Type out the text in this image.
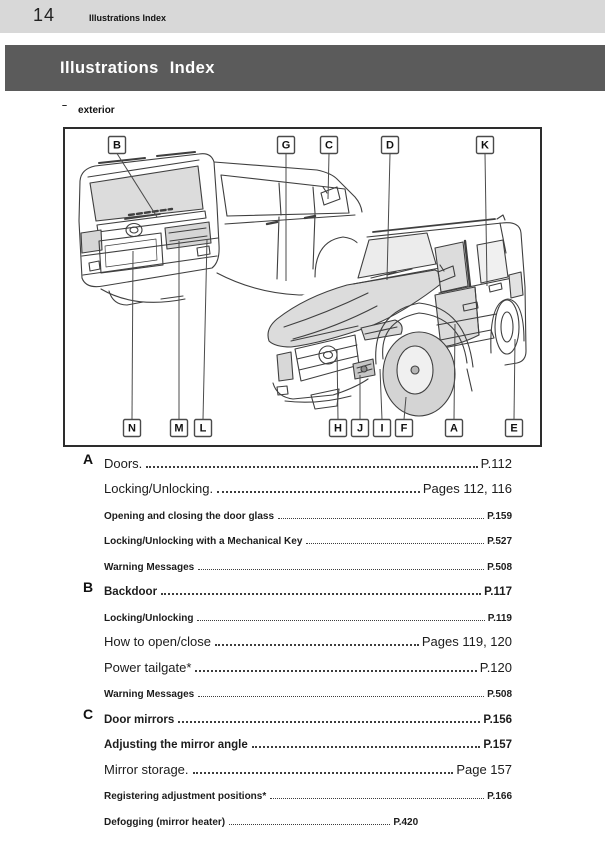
14	Illustrations Index
Illustrations Index
– exterior
B	G	C	D	K
N	M L	H J I F	A	E
A Doors.	P.112
Locking/Unlocking.	Pages 112, 116
Opening and closing the door glass	P.159
Locking/Unlocking with a Mechanical Key	P.527
Warning Messages	P.508
B Backdoor	P.117
Locking/Unlocking	P.119
How to open/close	Pages 119, 120
Power tailgate*	P.120
Warning Messages	P.508
C Door mirrors	P.156
Adjusting the mirror angle	P.157
Mirror storage.	Page 157
Registering adjustment positions*	P.166
Defogging (mirror heater)	P.420
